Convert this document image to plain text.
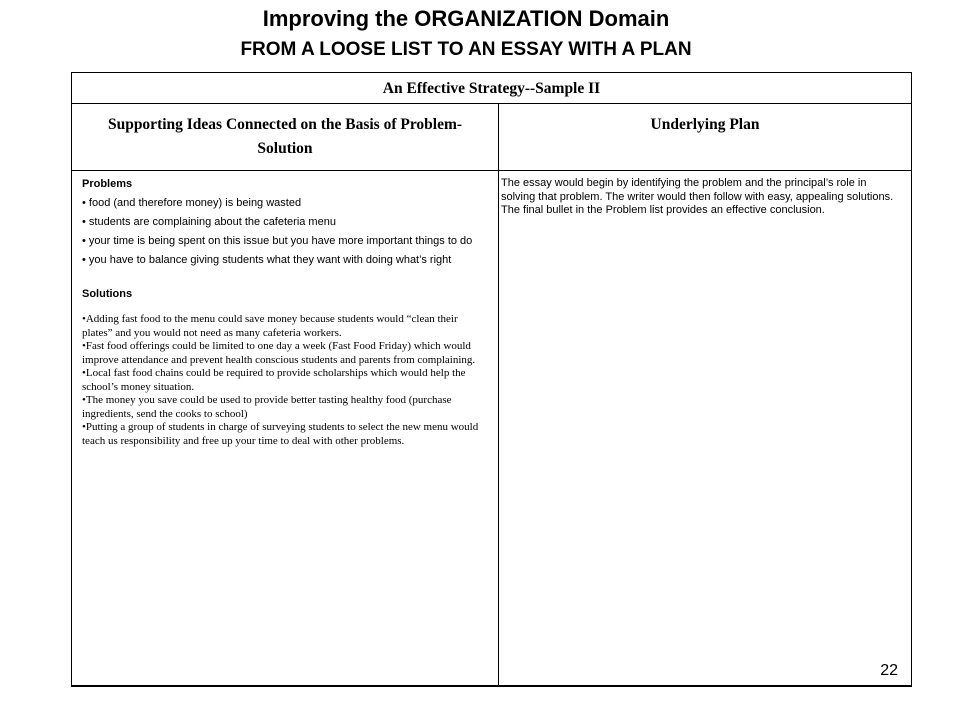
Improving the ORGANIZATION Domain
FROM A LOOSE LIST TO AN ESSAY WITH A PLAN
An Effective Strategy--Sample II
Supporting Ideas Connected on the Basis of Problem-Solution
Underlying Plan
Problems
• food (and therefore money) is being wasted
• students are complaining about the cafeteria menu
• your time is being spent on this issue but you have more important things to do
• you have to balance giving students what they want with doing what’s right
Solutions
•Adding fast food to the menu could save money because students would “clean their plates” and you would not need as many cafeteria workers.
•Fast food offerings could be limited to one day a week (Fast Food Friday) which would improve attendance and prevent health conscious students and parents from complaining.
•Local fast food chains could be required to provide scholarships which would help the school’s money situation.
•The money you save could be used to provide better tasting healthy food (purchase ingredients, send the cooks to school)
•Putting a group of students in charge of surveying students to select the new menu would teach us responsibility and free up your time to deal with other problems.
The essay would begin by identifying the problem and the principal’s role in solving that problem. The writer would then follow with easy, appealing solutions. The final bullet in the Problem list provides an effective conclusion.
22
